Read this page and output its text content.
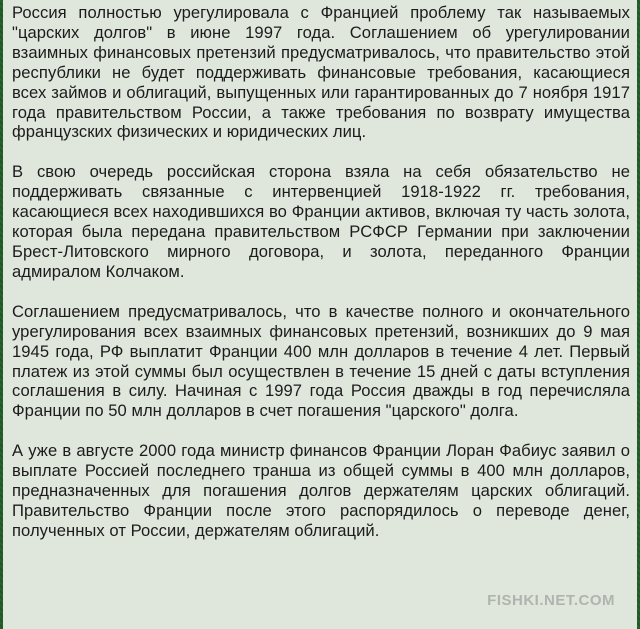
Россия полностью урегулировала с Францией проблему так называемых "царских долгов" в июне 1997 года. Соглашением об урегулировании взаимных финансовых претензий предусматривалось, что правительство этой республики не будет поддерживать финансовые требования, касающиеся всех займов и облигаций, выпущенных или гарантированных до 7 ноября 1917 года правительством России, а также требования по возврату имущества французских физических и юридических лиц.

В свою очередь российская сторона взяла на себя обязательство не поддерживать связанные с интервенцией 1918-1922 гг. требования, касающиеся всех находившихся во Франции активов, включая ту часть золота, которая была передана правительством РСФСР Германии при заключении Брест-Литовского мирного договора, и золота, переданного Франции адмиралом Колчаком.

Соглашением предусматривалось, что в качестве полного и окончательного урегулирования всех взаимных финансовых претензий, возникших до 9 мая 1945 года, РФ выплатит Франции 400 млн долларов в течение 4 лет. Первый платеж из этой суммы был осуществлен в течение 15 дней с даты вступления соглашения в силу. Начиная с 1997 года Россия дважды в год перечисляла Франции по 50 млн долларов в счет погашения "царского" долга.

А уже в августе 2000 года министр финансов Франции Лоран Фабиус заявил о выплате Россией последнего транша из общей суммы в 400 млн долларов, предназначенных для погашения долгов держателям царских облигаций. Правительство Франции после этого распорядилось о переводе денег, полученных от России, держателям облигаций.

FISHKI.NET.COM
